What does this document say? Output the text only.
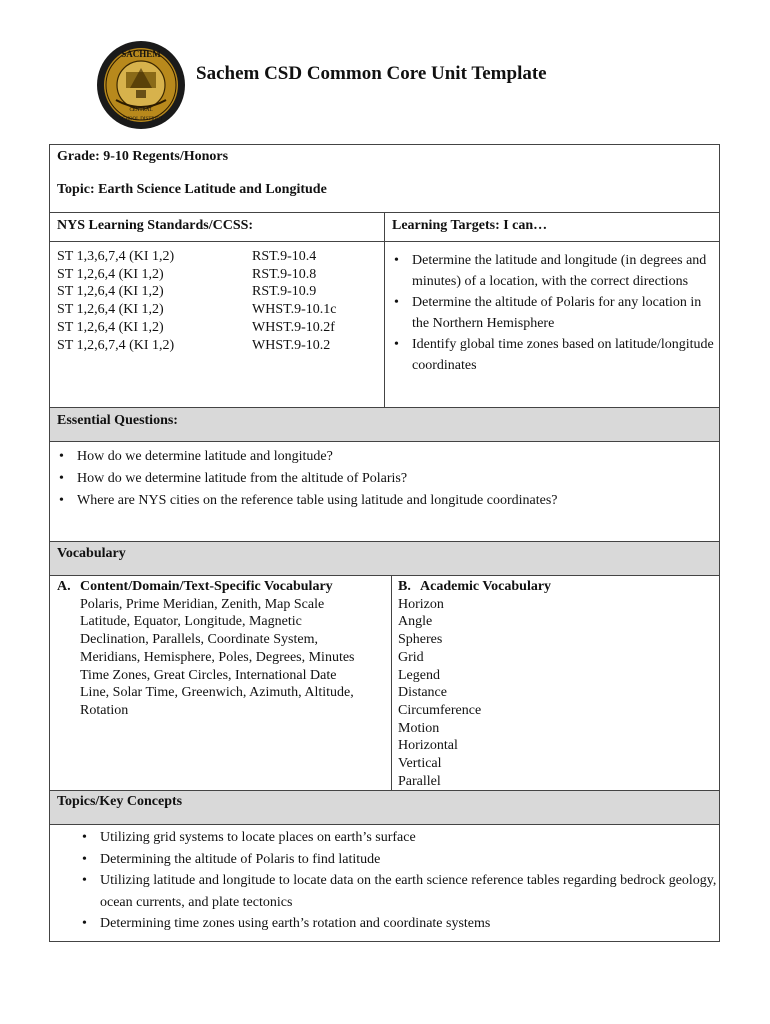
SACHEM
CENTRAL
SCHOOL DISTRICT
Sachem CSD Common Core Unit Template
Grade: 9-10 Regents/Honors
Topic: Earth Science Latitude and Longitude
NYS Learning Standards/CCSS:	Learning Targets: I can…
ST 1,3,6,7,4 (KI 1,2)
ST 1,2,6,4 (KI 1,2)
ST 1,2,6,4 (KI 1,2)
ST 1,2,6,4 (KI 1,2)
ST 1,2,6,4 (KI 1,2)
ST 1,2,6,7,4 (KI 1,2)
RST.9-10.4
RST.9-10.8
RST.9-10.9
WHST.9-10.1c
WHST.9-10.2f
WHST.9-10.2
• Determine the latitude and longitude (in degrees and minutes) of a location, with the correct directions
• Determine the altitude of Polaris for any location in the Northern Hemisphere
• Identify global time zones based on latitude/longitude coordinates
Essential Questions:
• How do we determine latitude and longitude?
• How do we determine latitude from the altitude of Polaris?
• Where are NYS cities on the reference table using latitude and longitude coordinates?
Vocabulary
A. Content/Domain/Text-Specific Vocabulary
Polaris, Prime Meridian, Zenith, Map Scale
Latitude, Equator, Longitude, Magnetic
Declination, Parallels, Coordinate System,
Meridians, Hemisphere, Poles, Degrees, Minutes
Time Zones, Great Circles, International Date
Line, Solar Time, Greenwich, Azimuth, Altitude,
Rotation
B. Academic Vocabulary
Horizon
Angle
Spheres
Grid
Legend
Distance
Circumference
Motion
Horizontal
Vertical
Parallel
Topics/Key Concepts
• Utilizing grid systems to locate places on earth’s surface
• Determining the altitude of Polaris to find latitude
• Utilizing latitude and longitude to locate data on the earth science reference tables regarding bedrock geology, ocean currents, and plate tectonics
• Determining time zones using earth’s rotation and coordinate systems
